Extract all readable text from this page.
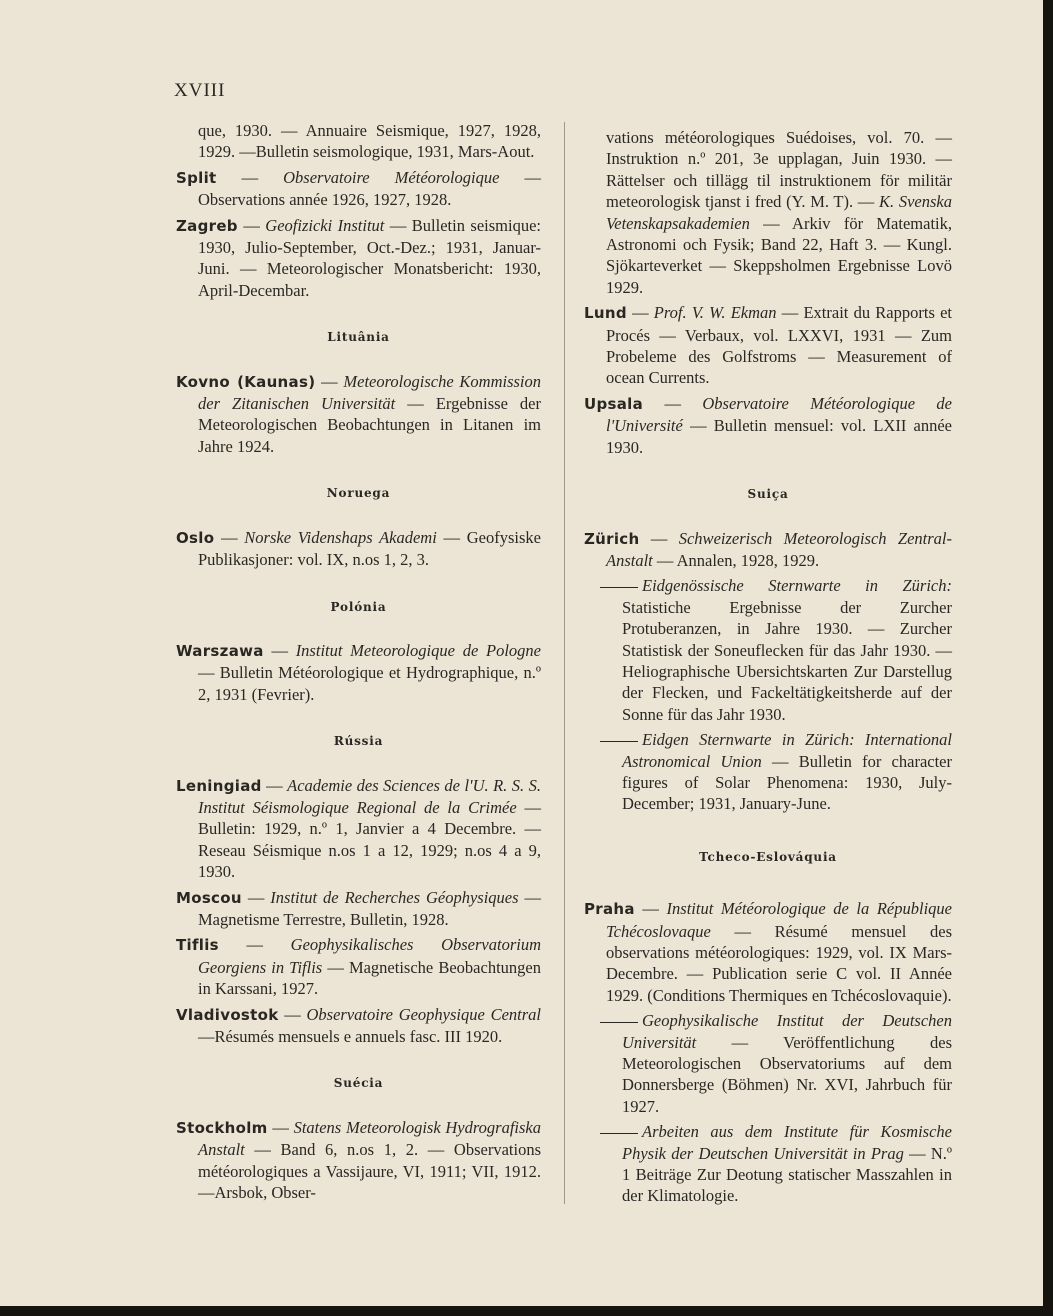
XVIII

que, 1930. — Annuaire Seismique, 1927, 1928, 1929. —Bulletin seismologique, 1931, Mars-Aout.

Split — Observatoire Météorologique — Observations année 1926, 1927, 1928.

Zagreb — Geofizicki Institut — Bulletin seismique: 1930, Julio-September, Oct.-Dez.; 1931, Januar-Juni. — Meteorologischer Monatsbericht: 1930, April-Decembar.

Lituânia

Kovno (Kaunas) — Meteorologische Kommission der Zitanischen Universität — Ergebnisse der Meteorologischen Beobachtungen in Litanen im Jahre 1924.

Noruega

Oslo — Norske Videnshaps Akademi — Geofysiske Publikasjoner: vol. IX, n.os 1, 2, 3.

Polónia

Warszawa — Institut Meteorologique de Pologne — Bulletin Météorologique et Hydrographique, n.º 2, 1931 (Fevrier).

Rússia

Leningiad — Academie des Sciences de l'U. R. S. S. Institut Séismologique Regional de la Crimée — Bulletin: 1929, n.º 1, Janvier a 4 Decembre. — Reseau Séismique n.os 1 a 12, 1929; n.os 4 a 9, 1930.

Moscou — Institut de Recherches Géophysiques — Magnetisme Terrestre, Bulletin, 1928.

Tiflis — Geophysikalisches Observatorium Georgiens in Tiflis — Magnetische Beobachtungen in Karssani, 1927.

Vladivostok — Observatoire Geophysique Central—Résumés mensuels e annuels fasc. III 1920.

Suécia

Stockholm — Statens Meteorologisk Hydrografiska Anstalt — Band 6, n.os 1, 2. — Observations météorologiques a Vassijaure, VI, 1911; VII, 1912. —Arsbok, Obser-

vations météorologiques Suédoises, vol. 70. — Instruktion n.º 201, 3e upplagan, Juin 1930. — Rättelser och tillägg til instruktionem för militär meteorologisk tjanst i fred (Y. M. T). — K. Svenska Vetenskapsakademien — Arkiv för Matematik, Astronomi och Fysik; Band 22, Haft 3. — Kungl. Sjökarteverket — Skeppsholmen Ergebnisse Lovö 1929.

Lund — Prof. V. W. Ekman — Extrait du Rapports et Procés — Verbaux, vol. LXXVI, 1931 — Zum Probeleme des Golfstroms — Measurement of ocean Currents.

Upsala — Observatoire Météorologique de l'Université — Bulletin mensuel: vol. LXII année 1930.

Suiça

Zürich — Schweizerisch Meteorologisch Zentral-Anstalt — Annalen, 1928, 1929.

Eidgenössische Sternwarte in Zürich: Statistiche Ergebnisse der Zurcher Protuberanzen, in Jahre 1930. — Zurcher Statistisk der Soneuflecken für das Jahr 1930. — Heliographische Ubersichtskarten Zur Darstellug der Flecken, und Fackeltätigkeitsherde auf der Sonne für das Jahr 1930.

Eidgen Sternwarte in Zürich: International Astronomical Union — Bulletin for character figures of Solar Phenomena: 1930, July-December; 1931, January-June.

Tcheco-Eslováquia

Praha — Institut Météorologique de la République Tchécoslovaque — Résumé mensuel des observations météorologiques: 1929, vol. IX Mars-Decembre. — Publication serie C vol. II Année 1929. (Conditions Thermiques en Tchécoslovaquie).

Geophysikalische Institut der Deutschen Universität — Veröffentlichung des Meteorologischen Observatoriums auf dem Donnersberge (Böhmen) Nr. XVI, Jahrbuch für 1927.

Arbeiten aus dem Institute für Kosmische Physik der Deutschen Universität in Prag — N.º 1 Beiträge Zur Deotung statischer Masszahlen in der Klimatologie.
